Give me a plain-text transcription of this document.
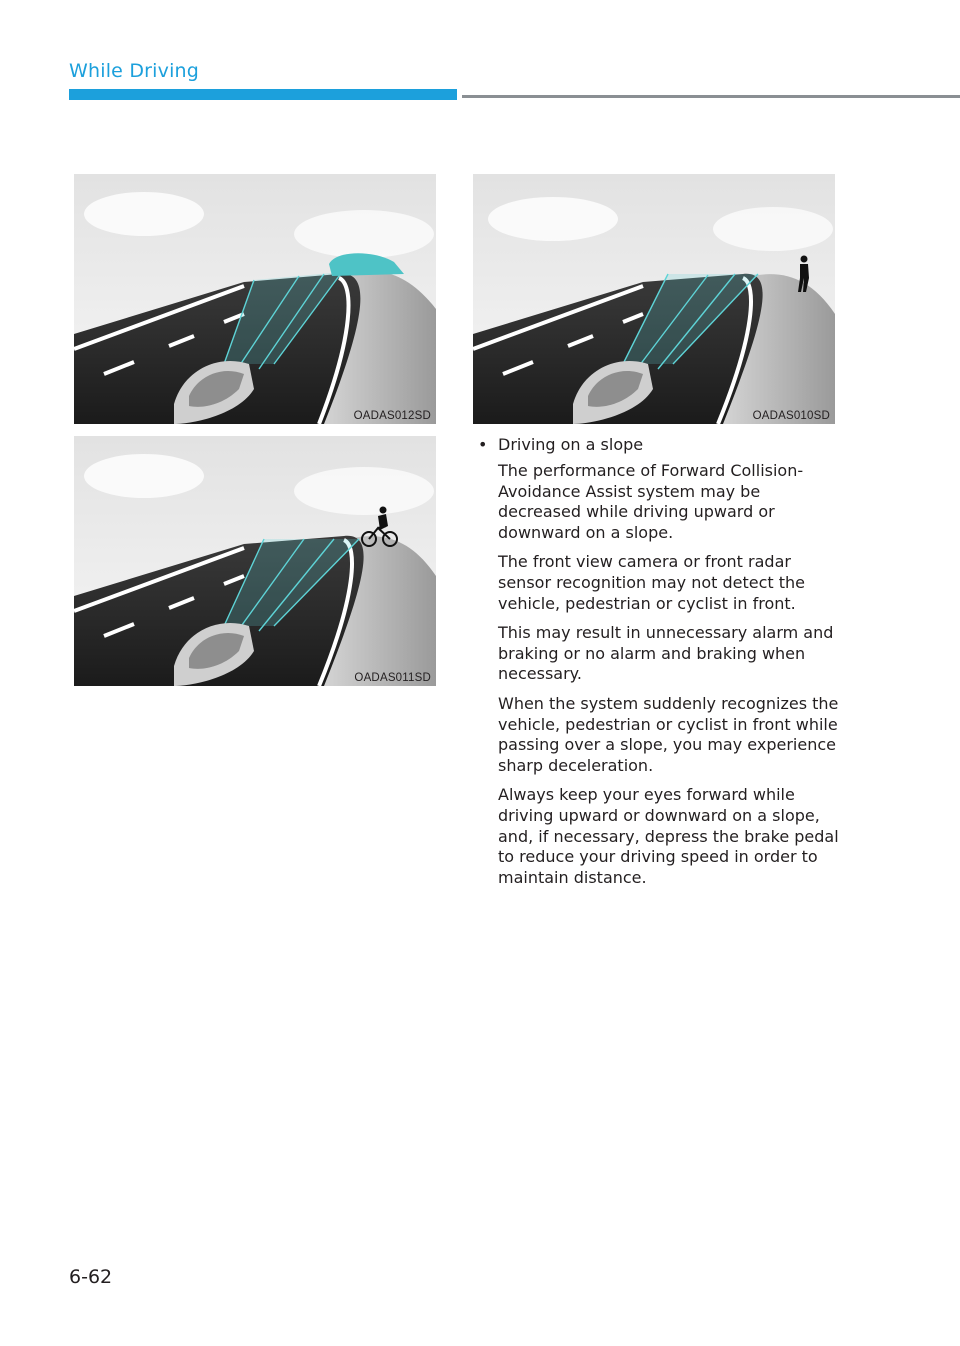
While Driving
OADAS012SD	OADAS010SD
OADAS011SD
• Driving on a slope

The performance of Forward Collision-Avoidance Assist system may be decreased while driving upward or downward on a slope.

The front view camera or front radar sensor recognition may not detect the vehicle, pedestrian or cyclist in front.

This may result in unnecessary alarm and braking or no alarm and braking when necessary.

When the system suddenly recognizes the vehicle, pedestrian or cyclist in front while passing over a slope, you may experience sharp deceleration.

Always keep your eyes forward while driving upward or downward on a slope, and, if necessary, depress the brake pedal to reduce your driving speed in order to maintain distance.

6-62
